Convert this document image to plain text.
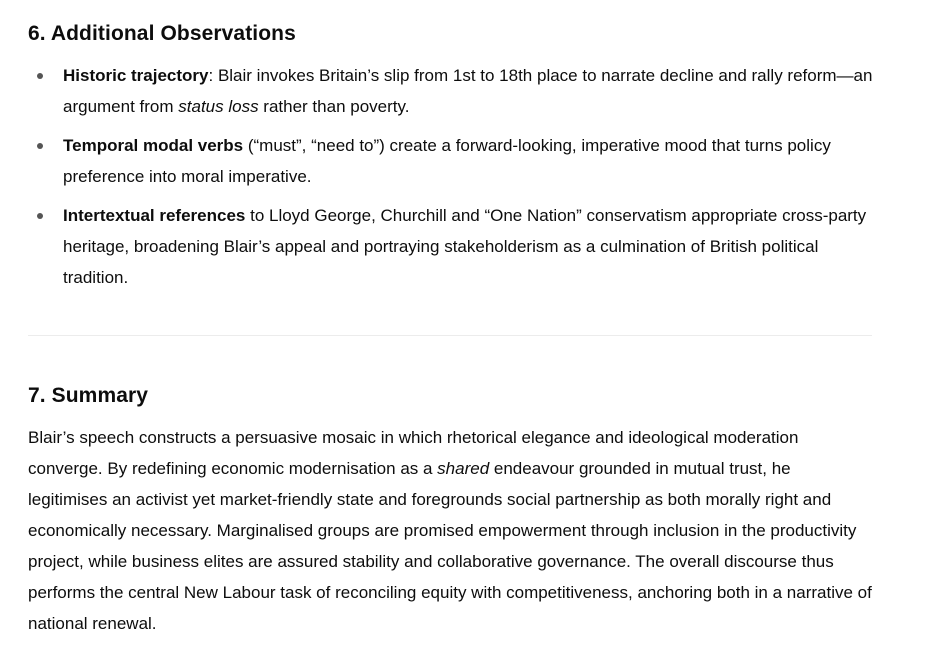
6. Additional Observations
Historic trajectory: Blair invokes Britain’s slip from 1st to 18th place to narrate decline and rally reform—an argument from status loss rather than poverty.
Temporal modal verbs (“must”, “need to”) create a forward-looking, imperative mood that turns policy preference into moral imperative.
Intertextual references to Lloyd George, Churchill and “One Nation” conservatism appropriate cross-party heritage, broadening Blair’s appeal and portraying stakeholderism as a culmination of British political tradition.
7. Summary

Blair’s speech constructs a persuasive mosaic in which rhetorical elegance and ideological moderation converge. By redefining economic modernisation as a shared endeavour grounded in mutual trust, he legitimises an activist yet market-friendly state and foregrounds social partnership as both morally right and economically necessary. Marginalised groups are promised empowerment through inclusion in the productivity project, while business elites are assured stability and collaborative governance. The overall discourse thus performs the central New Labour task of reconciling equity with competitiveness, anchoring both in a narrative of national renewal.
